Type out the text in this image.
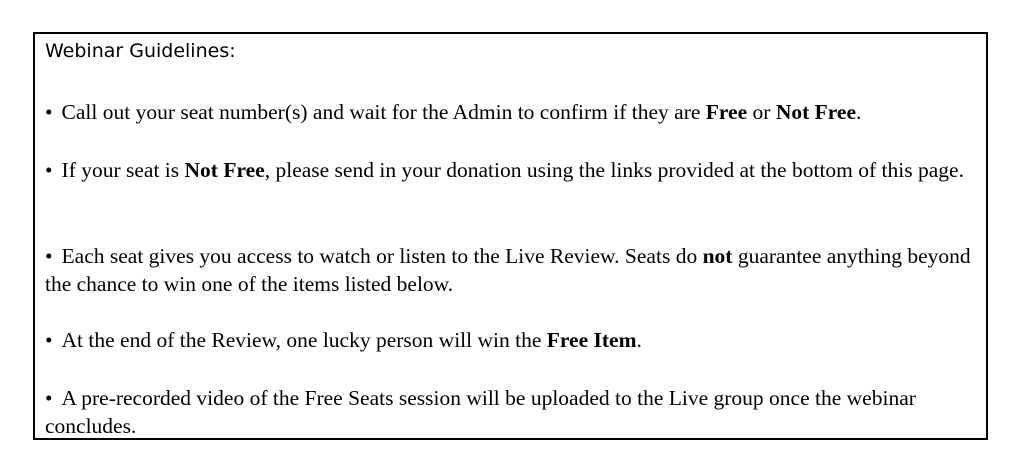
Webinar Guidelines:

• Call out your seat number(s) and wait for the Admin to confirm if they are Free or Not Free.

• If your seat is Not Free, please send in your donation using the links provided at the bottom of this page.

• Each seat gives you access to watch or listen to the Live Review. Seats do not guarantee anything beyond the chance to win one of the items listed below.

• At the end of the Review, one lucky person will win the Free Item.

• A pre-recorded video of the Free Seats session will be uploaded to the Live group once the webinar concludes.
